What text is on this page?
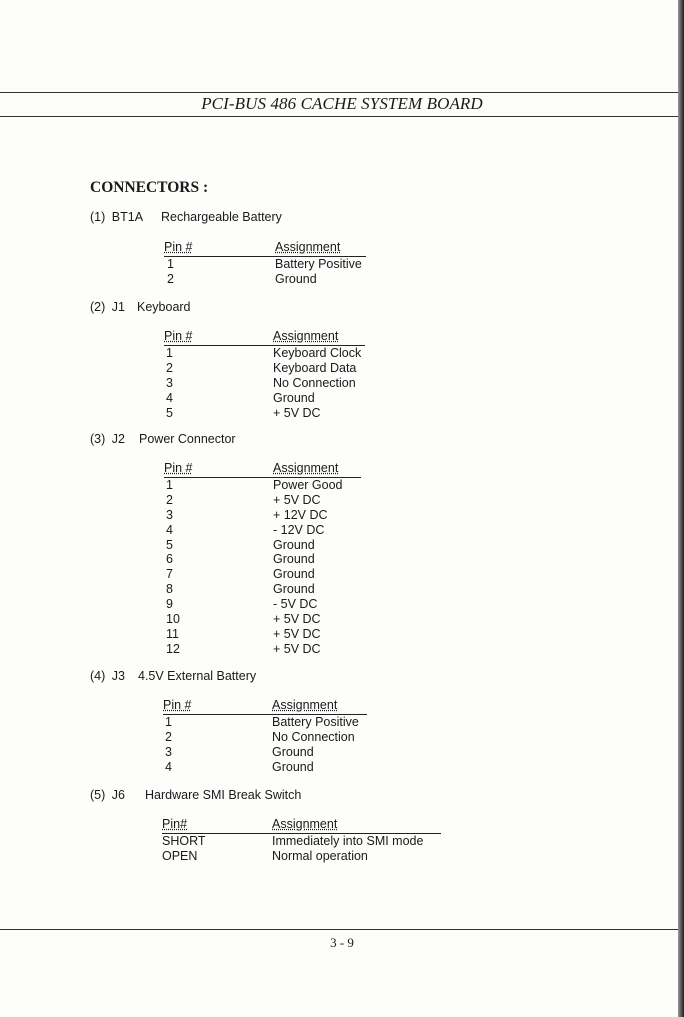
PCI-BUS 486 CACHE SYSTEM BOARD
CONNECTORS :
(1) BT1A Rechargeable Battery
Pin #	Assignment
1	Battery Positive
2	Ground
(2) J1 Keyboard
Pin #	Assignment
1	Keyboard Clock
2	Keyboard Data
3	No Connection
4	Ground
5	+ 5V DC
(3) J2 Power Connector
Pin #	Assignment
1	Power Good
2	+ 5V DC
3	+ 12V DC
4	- 12V DC
5	Ground
6	Ground
7	Ground
8	Ground
9	- 5V DC
10	+ 5V DC
11	+ 5V DC
12	+ 5V DC
(4) J3 4.5V External Battery
Pin #	Assignment
1	Battery Positive
2	No Connection
3	Ground
4	Ground
(5) J6 Hardware SMI Break Switch
Pin#	Assignment
SHORT	Immediately into SMI mode
OPEN	Normal operation
3 - 9
